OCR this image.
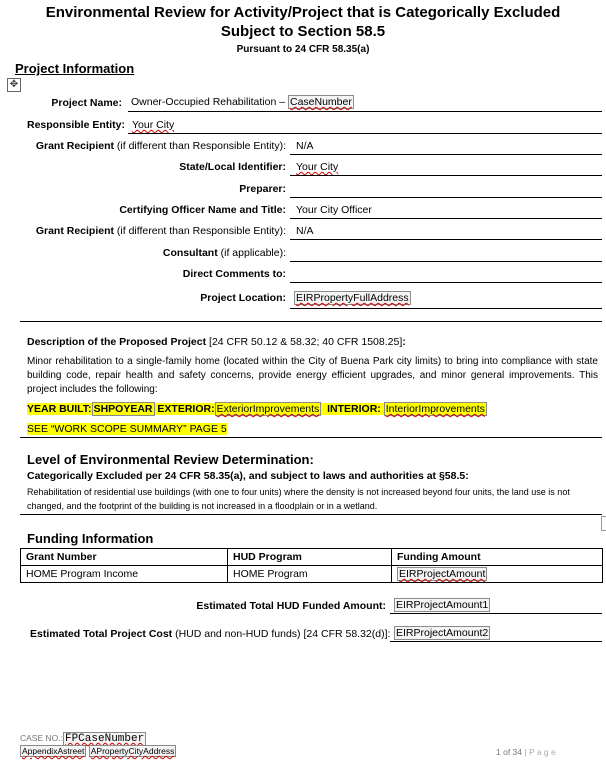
Environmental Review for Activity/Project that is Categorically Excluded
Subject to Section 58.5
Pursuant to 24 CFR 58.35(a)
Project Information
✥
Project Name: Owner-Occupied Rehabilitation – CaseNumber
Responsible Entity: Your City
Grant Recipient (if different than Responsible Entity): N/A
State/Local Identifier: Your City
Preparer:
Certifying Officer Name and Title: Your City Officer
Grant Recipient (if different than Responsible Entity): N/A
Consultant (if applicable):
Direct Comments to:
Project Location: EIRPropertyFullAddress
Description of the Proposed Project [24 CFR 50.12 & 58.32; 40 CFR 1508.25]:
Minor rehabilitation to a single-family home (located within the City of Buena Park city limits) to bring into compliance with state building code, repair health and safety concerns, provide energy efficient upgrades, and minor general improvements. This project includes the following:
YEAR BUILT: SHPOYEAR EXTERIOR: ExteriorImprovements INTERIOR: InteriorImprovements
SEE “WORK SCOPE SUMMARY” PAGE 5
Level of Environmental Review Determination:
Categorically Excluded per 24 CFR 58.35(a), and subject to laws and authorities at §58.5:
Rehabilitation of residential use buildings (with one to four units) where the density is not increased beyond four units, the land use is not changed, and the footprint of the building is not increased in a floodplain or in a wetland.
Funding Information
Grant Number	HUD Program	Funding Amount
HOME Program Income	HOME Program	EIRProjectAmount
Estimated Total HUD Funded Amount: EIRProjectAmount1
Estimated Total Project Cost (HUD and non-HUD funds) [24 CFR 58.32(d)]: EIRProjectAmount2
CASE NO.: FPCaseNumber
AppendixAstreet APropertyCityAddress	1 of 34 | P a g e
